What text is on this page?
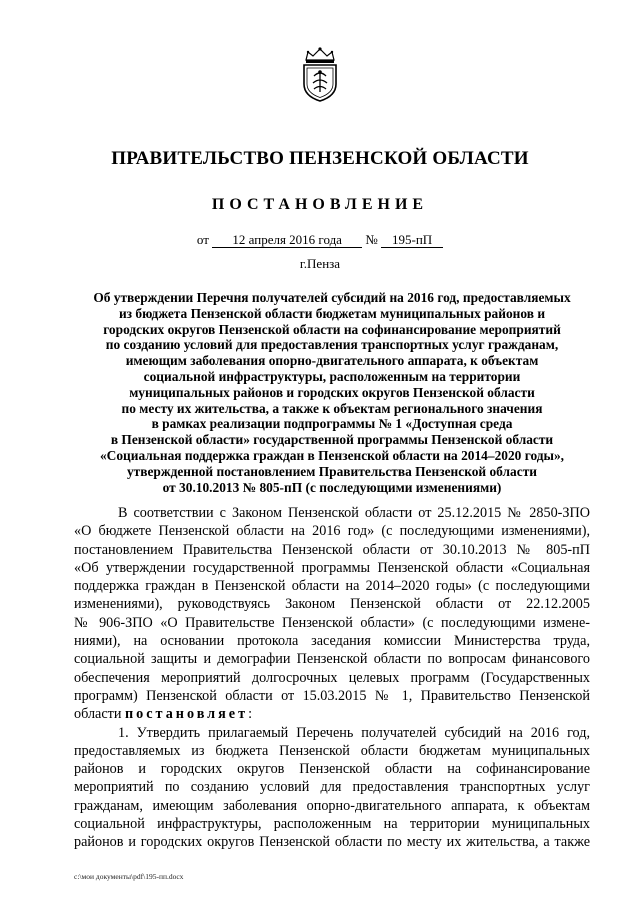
ПРАВИТЕЛЬСТВО ПЕНЗЕНСКОЙ ОБЛАСТИ
ПОСТАНОВЛЕНИЕ
от 12 апреля 2016 года № 195-пП
г.Пенза
Об утверждении Перечня получателей субсидий на 2016 год, предоставляемых
из бюджета Пензенской области бюджетам муниципальных районов и
городских округов Пензенской области на софинансирование мероприятий
по созданию условий для предоставления транспортных услуг гражданам,
имеющим заболевания опорно-двигательного аппарата, к объектам
социальной инфраструктуры, расположенным на территории
муниципальных районов и городских округов Пензенской области
по месту их жительства, а также к объектам регионального значения
в рамках реализации подпрограммы № 1 «Доступная среда
в Пензенской области» государственной программы Пензенской области
«Социальная поддержка граждан в Пензенской области на 2014–2020 годы»,
утвержденной постановлением Правительства Пензенской области
от 30.10.2013 № 805-пП (с последующими изменениями)
В соответствии с Законом Пензенской области от 25.12.2015 № 2850-ЗПО
«О бюджете Пензенской области на 2016 год» (с последующими изменениями),
постановлением Правительства Пензенской области от 30.10.2013 № 805-пП
«Об утверждении государственной программы Пензенской области «Социальная
поддержка граждан в Пензенской области на 2014–2020 годы» (с последующими
изменениями), руководствуясь Законом Пензенской области от 22.12.2005
№ 906-ЗПО «О Правительстве Пензенской области» (с последующими измене-
ниями), на основании протокола заседания комиссии Министерства труда,
социальной защиты и демографии Пензенской области по вопросам финансового
обеспечения мероприятий долгосрочных целевых программ (Государственных
программ) Пензенской области от 15.03.2015 № 1, Правительство Пензенской
области постановляет:
1. Утвердить прилагаемый Перечень получателей субсидий на 2016 год,
предоставляемых из бюджета Пензенской области бюджетам муниципальных
районов и городских округов Пензенской области на софинансирование
мероприятий по созданию условий для предоставления транспортных услуг
гражданам, имеющим заболевания опорно-двигательного аппарата, к объектам
социальной инфраструктуры, расположенным на территории муниципальных
районов и городских округов Пензенской области по месту их жительства, а также
c:\мои документы\pdf\195-пп.docx
